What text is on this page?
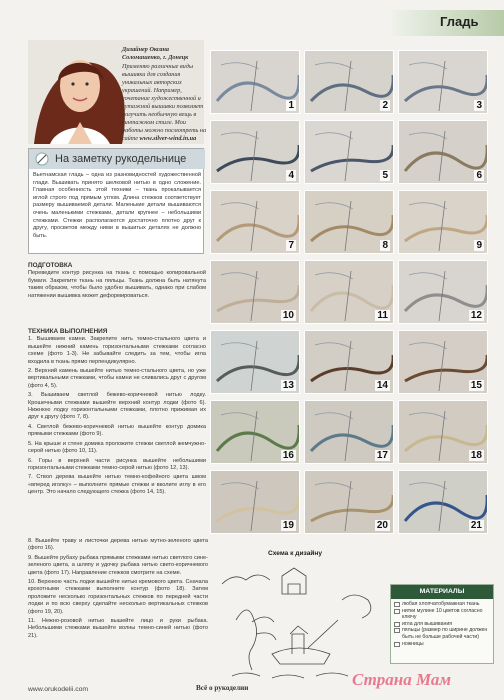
Гладь
Дизайнер Оксана Соломашенко, г. Донецк
Применяю различные виды вышивки для создания уникальных авторских украшений. Например, сочетание художественной и сутажной вышивки позволяет получить необычную вещь в винтажном стиле. Мои работы можно посмотреть на сайте www.silver-wind.in.ua
На заметку рукодельнице
Вьетнамская гладь – одна из разновидностей художественной глади. Вышивать принято шелковой нитью в одно сложение. Главная особенность этой техники – ткань прокалывается иглой строго под прямым углом. Длина стежков соответствует размеру вышиваемой детали. Маленькие детали вышиваются очень маленькими стежками, детали крупнее – небольшими стежками. Стежки располагаются достаточно плотно друг к другу, просветов между ними в вышитых деталях не должно быть.
ПОДГОТОВКА

Переведите контур рисунка на ткань с помощью копировальной бумаги. Закрепите ткань на пяльцы. Ткань должна быть натянута таким образом, чтобы было удобно вышивать, однако при слабом натяжении вышивка может деформироваться.

ТЕХНИКА ВЫПОЛНЕНИЯ

1. Вышиваем камни. Закрепите нить темно-стального цвета и вышейте нижний камень горизонтальными стежками согласно схеме (фото 1-3). Не забывайте следить за тем, чтобы игла входила в ткань прямо перпендикулярно.

2. Верхний камень вышейте нитью темно-стального цвета, но уже вертикальными стежками, чтобы камни не сливались друг с другом (фото 4, 5).

3. Вышиваем светлой бежево-коричневой нитью лодку. Крошечными стежками вышейте верхний контур лодки (фото 6). Нижнюю лодку горизонтальными стежками, плотно прижимая их друг к другу (фото 7, 8).

4. Светлой бежево-коричневой нитью вышейте контур домика прямыми стежками (фото 9).

5. На крыше и стене домика проложите стежки светлой жемчужно-серой нитью (фото 10, 11).

6. Горы в верхней части рисунка вышейте небольшими горизонтальными стежками темно-серой нитью (фото 12, 13).

7. Ствол дерева вышейте нитью темно-кофейного цвета швом «вперед иголку» – выполните прямые стежки и вколите иглу в его центр. Это начало следующего стежка (фото 14, 15).

8. Вышейте траву и листочки дерева нитью мутно-зеленого цвета (фото 16).

9. Вышейте рубаху рыбака прямыми стежками нитью светлого сине-зеленого цвета, а шляпу и удочку рыбака нитью свето-коричневого цвета (фото 17). Направление стежков смотрите на схеме.

10. Верхнюю часть лодки вышейте нитью кремового цвета. Сначала крохотными стежками выполните контур (фото 18). Затем проложите несколько горизонтальных стежков по передней части лодки и по всю сверху сделайте несколько вертикальных стежков (фото 19, 20).

11. Нежно-розовой нитью вышейте лицо и руки рыбака. Небольшими стежками вышейте волны темно-синей нитью (фото 21).

1	2	3
4	5	6
7	8	9
10	11	12
13	14	15
16	17	18
19	20	21
Схема к дизайну
МАТЕРИАЛЫ
любая хлопчатобумажная ткань
нитки мулине 10 цветов согласно ключу
игла для вышивания
пяльцы (размер по ширине должен быть не больше рабочей части)
ножницы
www.orukodelii.com	Всё о рукоделии	Страна Мам
